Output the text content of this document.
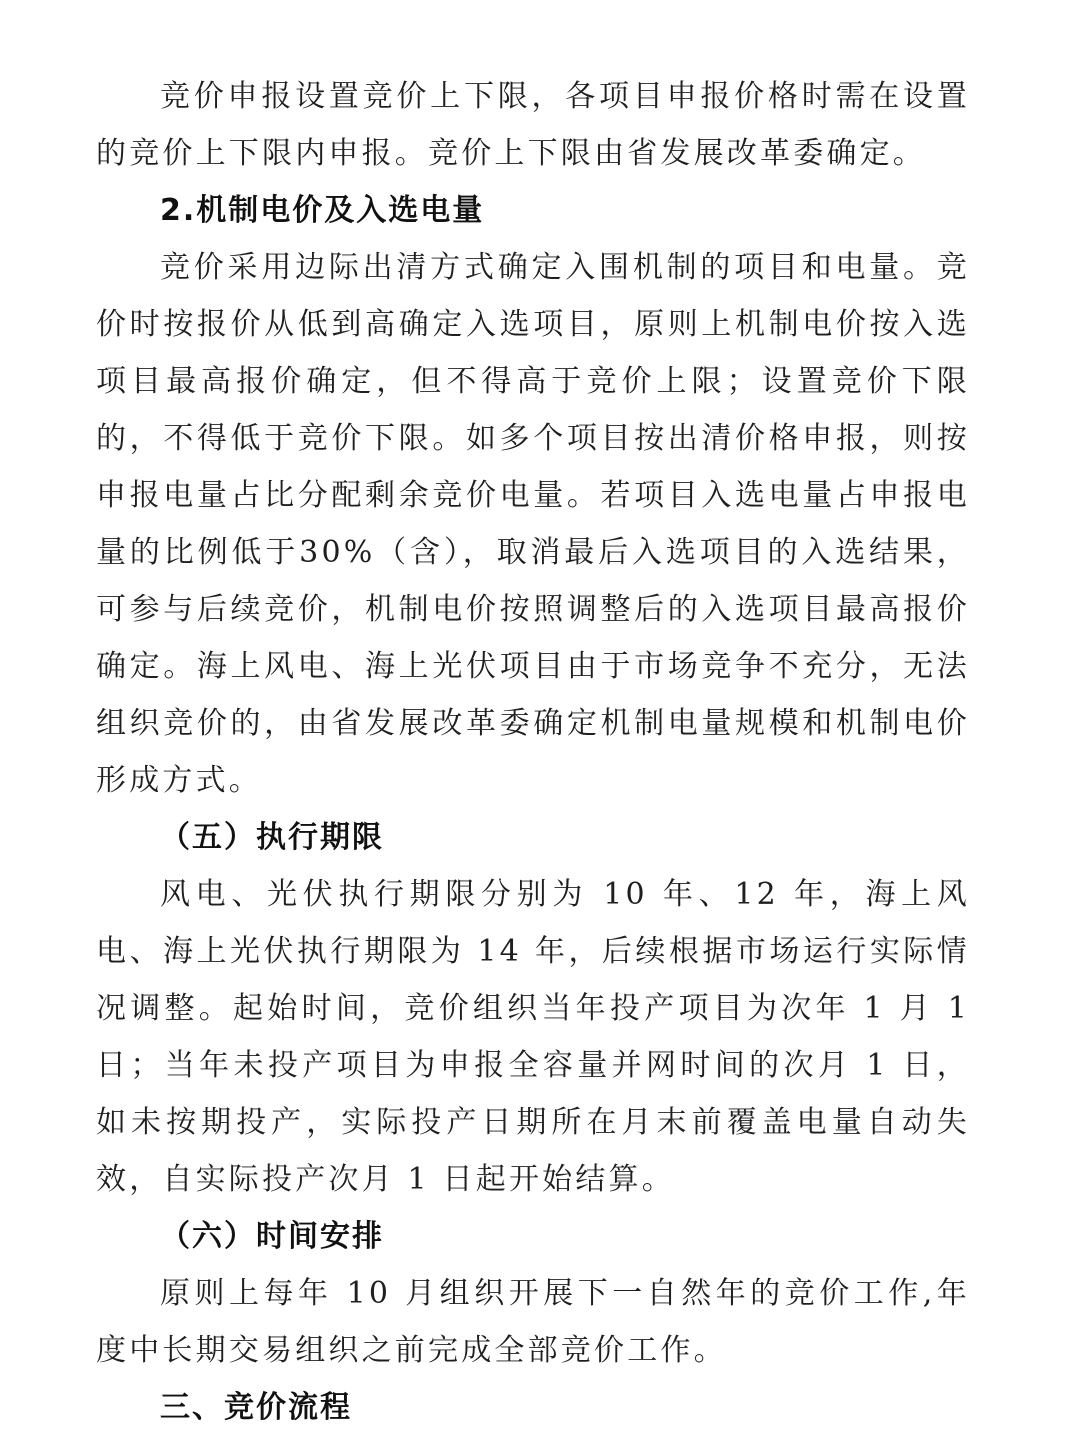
竞价申报设置竞价上下限，各项目申报价格时需在设置的竞价上下限内申报。竞价上下限由省发展改革委确定。

2.机制电价及入选电量

竞价采用边际出清方式确定入围机制的项目和电量。竞价时按报价从低到高确定入选项目，原则上机制电价按入选项目最高报价确定，但不得高于竞价上限；设置竞价下限的，不得低于竞价下限。如多个项目按出清价格申报，则按申报电量占比分配剩余竞价电量。若项目入选电量占申报电量的比例低于30%（含），取消最后入选项目的入选结果，可参与后续竞价，机制电价按照调整后的入选项目最高报价确定。海上风电、海上光伏项目由于市场竞争不充分，无法组织竞价的，由省发展改革委确定机制电量规模和机制电价形成方式。

（五）执行期限

风电、光伏执行期限分别为 10 年、12 年，海上风电、海上光伏执行期限为 14 年，后续根据市场运行实际情况调整。起始时间，竞价组织当年投产项目为次年 1 月 1 日；当年未投产项目为申报全容量并网时间的次月 1 日，如未按期投产，实际投产日期所在月末前覆盖电量自动失效，自实际投产次月 1 日起开始结算。

（六）时间安排

原则上每年 10 月组织开展下一自然年的竞价工作,年度中长期交易组织之前完成全部竞价工作。

三、竞价流程
